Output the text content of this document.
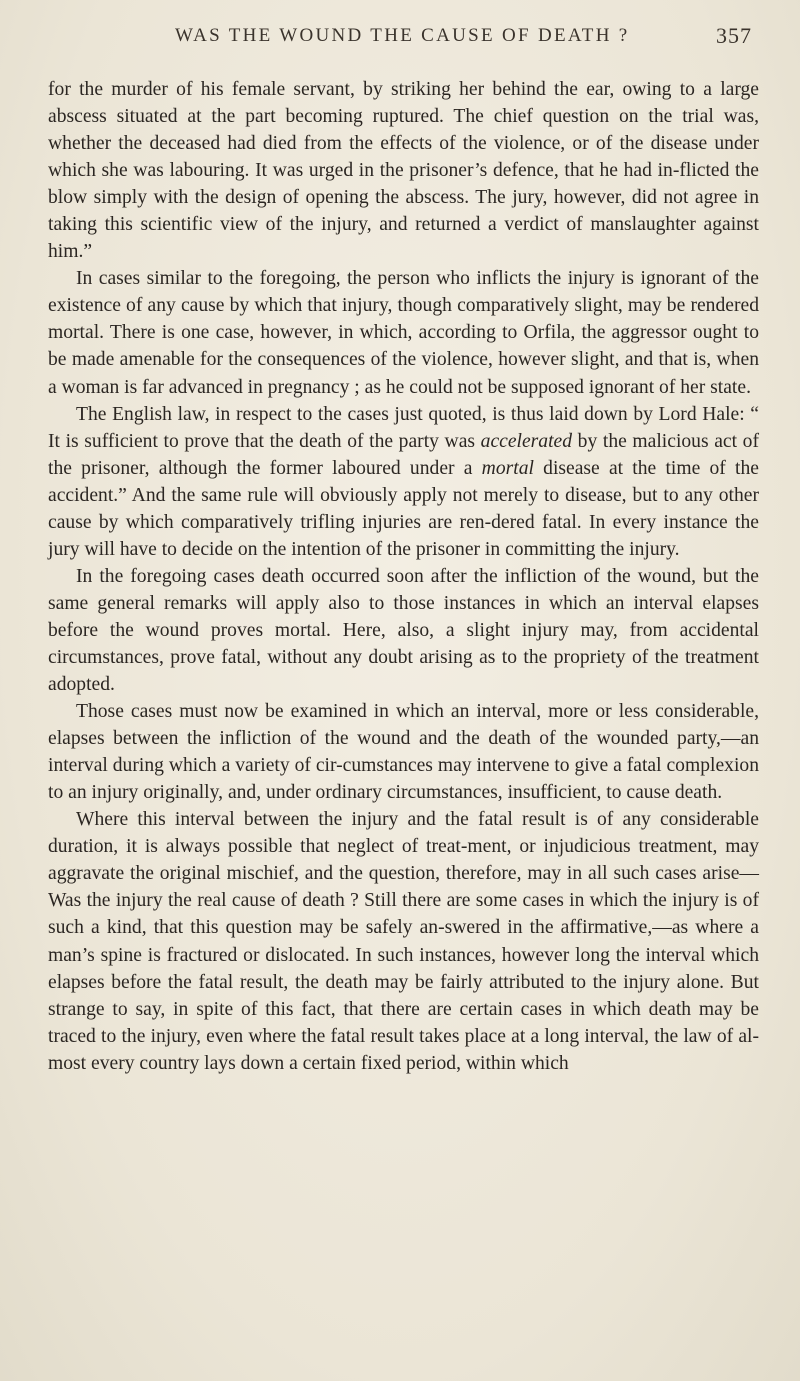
WAS THE WOUND THE CAUSE OF DEATH ?	357

for the murder of his female servant, by striking her behind the ear, owing to a large abscess situated at the part becoming ruptured. The chief question on the trial was, whether the deceased had died from the effects of the violence, or of the disease under which she was labouring. It was urged in the prisoner’s defence, that he had in-flicted the blow simply with the design of opening the abscess. The jury, however, did not agree in taking this scientific view of the injury, and returned a verdict of manslaughter against him.”

In cases similar to the foregoing, the person who inflicts the injury is ignorant of the existence of any cause by which that injury, though comparatively slight, may be rendered mortal. There is one case, however, in which, according to Orfila, the aggressor ought to be made amenable for the consequences of the violence, however slight, and that is, when a woman is far advanced in pregnancy ; as he could not be supposed ignorant of her state.

The English law, in respect to the cases just quoted, is thus laid down by Lord Hale: “ It is sufficient to prove that the death of the party was accelerated by the malicious act of the prisoner, although the former laboured under a mortal disease at the time of the accident.” And the same rule will obviously apply not merely to disease, but to any other cause by which comparatively trifling injuries are ren-dered fatal. In every instance the jury will have to decide on the intention of the prisoner in committing the injury.

In the foregoing cases death occurred soon after the infliction of the wound, but the same general remarks will apply also to those instances in which an interval elapses before the wound proves mortal. Here, also, a slight injury may, from accidental circumstances, prove fatal, without any doubt arising as to the propriety of the treatment adopted.

Those cases must now be examined in which an interval, more or less considerable, elapses between the infliction of the wound and the death of the wounded party,—an interval during which a variety of cir-cumstances may intervene to give a fatal complexion to an injury originally, and, under ordinary circumstances, insufficient, to cause death.

Where this interval between the injury and the fatal result is of any considerable duration, it is always possible that neglect of treat-ment, or injudicious treatment, may aggravate the original mischief, and the question, therefore, may in all such cases arise—Was the injury the real cause of death ? Still there are some cases in which the injury is of such a kind, that this question may be safely an-swered in the affirmative,—as where a man’s spine is fractured or dislocated. In such instances, however long the interval which elapses before the fatal result, the death may be fairly attributed to the injury alone. But strange to say, in spite of this fact, that there are certain cases in which death may be traced to the injury, even where the fatal result takes place at a long interval, the law of al-most every country lays down a certain fixed period, within which
